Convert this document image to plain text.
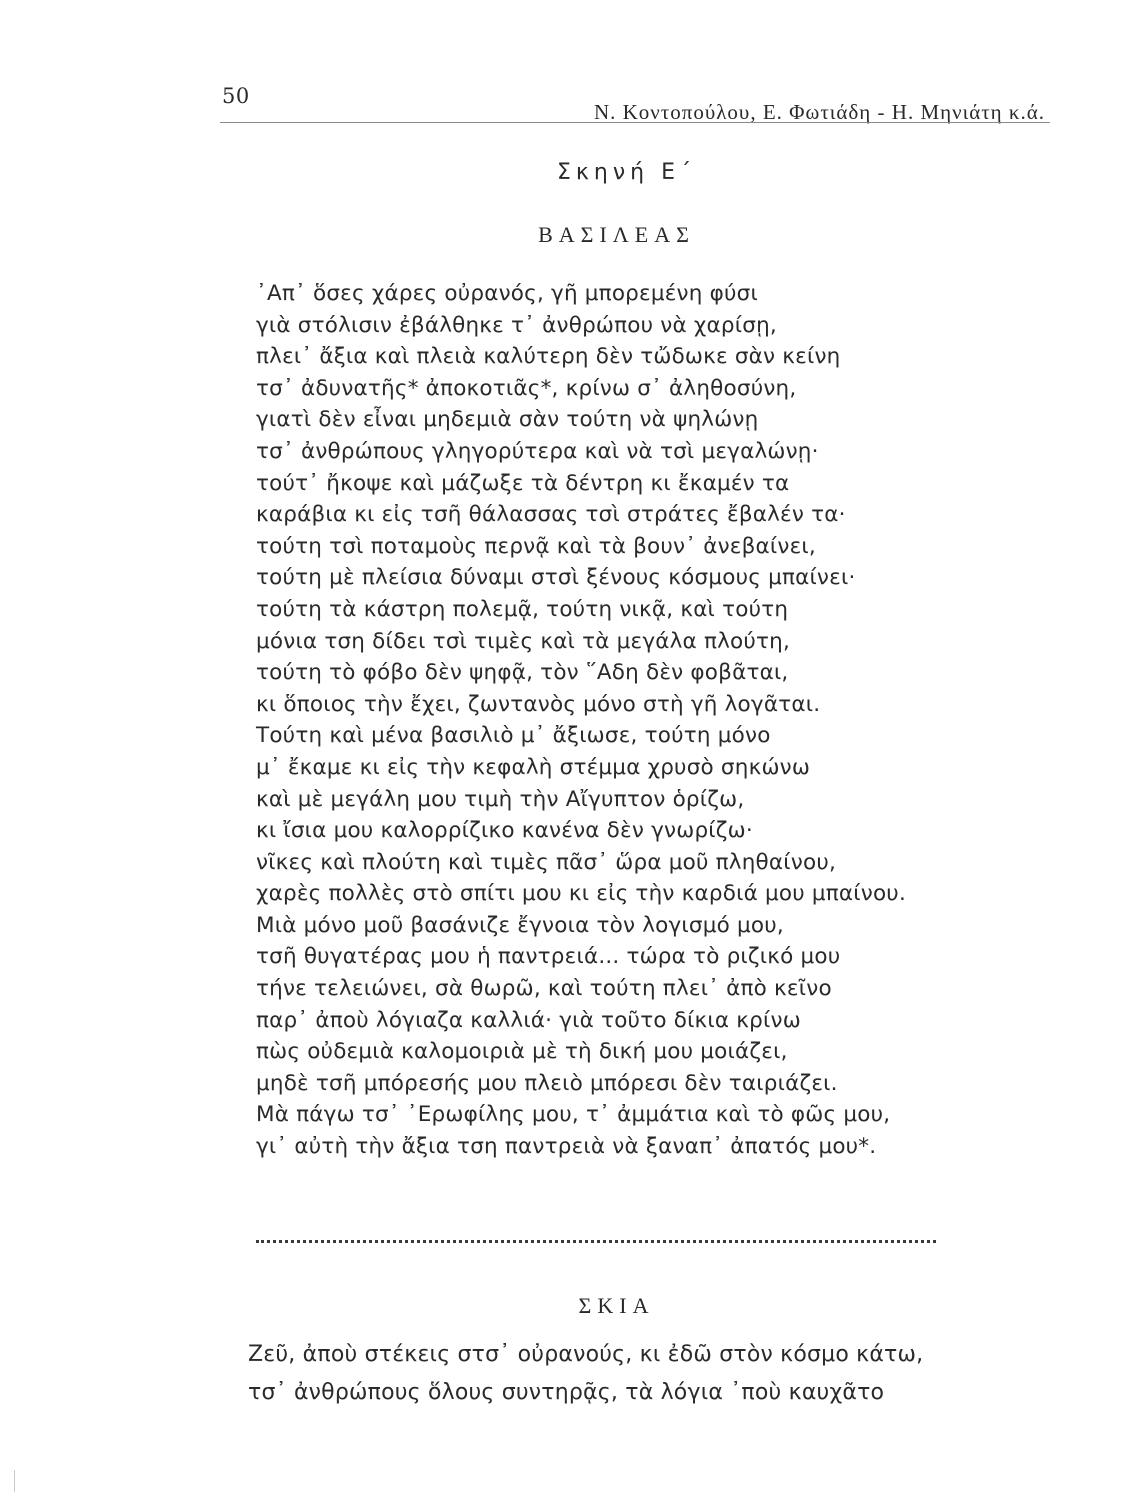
50
Ν. Κοντοπούλου, Ε. Φωτιάδη - Η. Μηνιάτη κ.ά.
Σκηνή Ε΄
ΒΑΣΙΛΕΑΣ
᾽Απ᾽ ὅσες χάρες οὐρανός, γῆ μπορεμένη φύσι
γιὰ στόλισιν ἐβάλθηκε τ᾽ ἀνθρώπου νὰ χαρίσῃ,
πλει᾽ ἄξια καὶ πλειὰ καλύτερη δὲν τὤδωκε σὰν κείνη
τσ᾽ ἀδυνατῆς* ἀποκοτιᾶς*, κρίνω σ᾽ ἀληθοσύνη,
γιατὶ δὲν εἶναι μηδεμιὰ σὰν τούτη νὰ ψηλώνῃ
τσ᾽ ἀνθρώπους γληγορύτερα καὶ νὰ τσὶ μεγαλώνῃ·
τούτ᾽ ἤκοψε καὶ μάζωξε τὰ δέντρη κι ἔκαμέν τα
καράβια κι εἰς τσῆ θάλασσας τσὶ στράτες ἔβαλέν τα·
τούτη τσὶ ποταμοὺς περνᾷ καὶ τὰ βουν᾽ ἀνεβαίνει,
τούτη μὲ πλείσια δύναμι στσὶ ξένους κόσμους μπαίνει·
τούτη τὰ κάστρη πολεμᾷ, τούτη νικᾷ, καὶ τούτη
μόνια τση δίδει τσὶ τιμὲς καὶ τὰ μεγάλα πλούτη,
τούτη τὸ φόβο δὲν ψηφᾷ, τὸν ῞Αδη δὲν φοβᾶται,
κι ὅποιος τὴν ἔχει, ζωντανὸς μόνο στὴ γῆ λογᾶται.
Τούτη καὶ μένα βασιλιὸ μ᾽ ἄξιωσε, τούτη μόνο
μ᾽ ἔκαμε κι εἰς τὴν κεφαλὴ στέμμα χρυσὸ σηκώνω
καὶ μὲ μεγάλη μου τιμὴ τὴν Αἴγυπτον ὁρίζω,
κι ἴσια μου καλορρίζικο κανένα δὲν γνωρίζω·
νῖκες καὶ πλούτη καὶ τιμὲς πᾶσ᾽ ὥρα μοῦ πληθαίνου,
χαρὲς πολλὲς στὸ σπίτι μου κι εἰς τὴν καρδιά μου μπαίνου.
Μιὰ μόνο μοῦ βασάνιζε ἔγνοια τὸν λογισμό μου,
τσῆ θυγατέρας μου ἡ παντρειά... τώρα τὸ ριζικό μου
τήνε τελειώνει, σὰ θωρῶ, καὶ τούτη πλει᾽ ἀπὸ κεῖνο
παρ᾽ ἀποὺ λόγιαζα καλλιά· γιὰ τοῦτο δίκια κρίνω
πὼς οὐδεμιὰ καλομοιριὰ μὲ τὴ δική μου μοιάζει,
μηδὲ τσῆ μπόρεσής μου πλειὸ μπόρεσι δὲν ταιριάζει.
Μὰ πάγω τσ᾽ ᾽Ερωφίλης μου, τ᾽ ἀμμάτια καὶ τὸ φῶς μου,
γι᾽ αὐτὴ τὴν ἄξια τση παντρειὰ νὰ ξαναπ᾽ ἀπατός μου*.
ΣΚΙΑ
Ζεῦ, ἀποὺ στέκεις στσ᾽ οὐρανούς, κι ἐδῶ στὸν κόσμο κάτω,
τσ᾽ ἀνθρώπους ὅλους συντηρᾷς, τὰ λόγια ᾽ποὺ καυχᾶτο
